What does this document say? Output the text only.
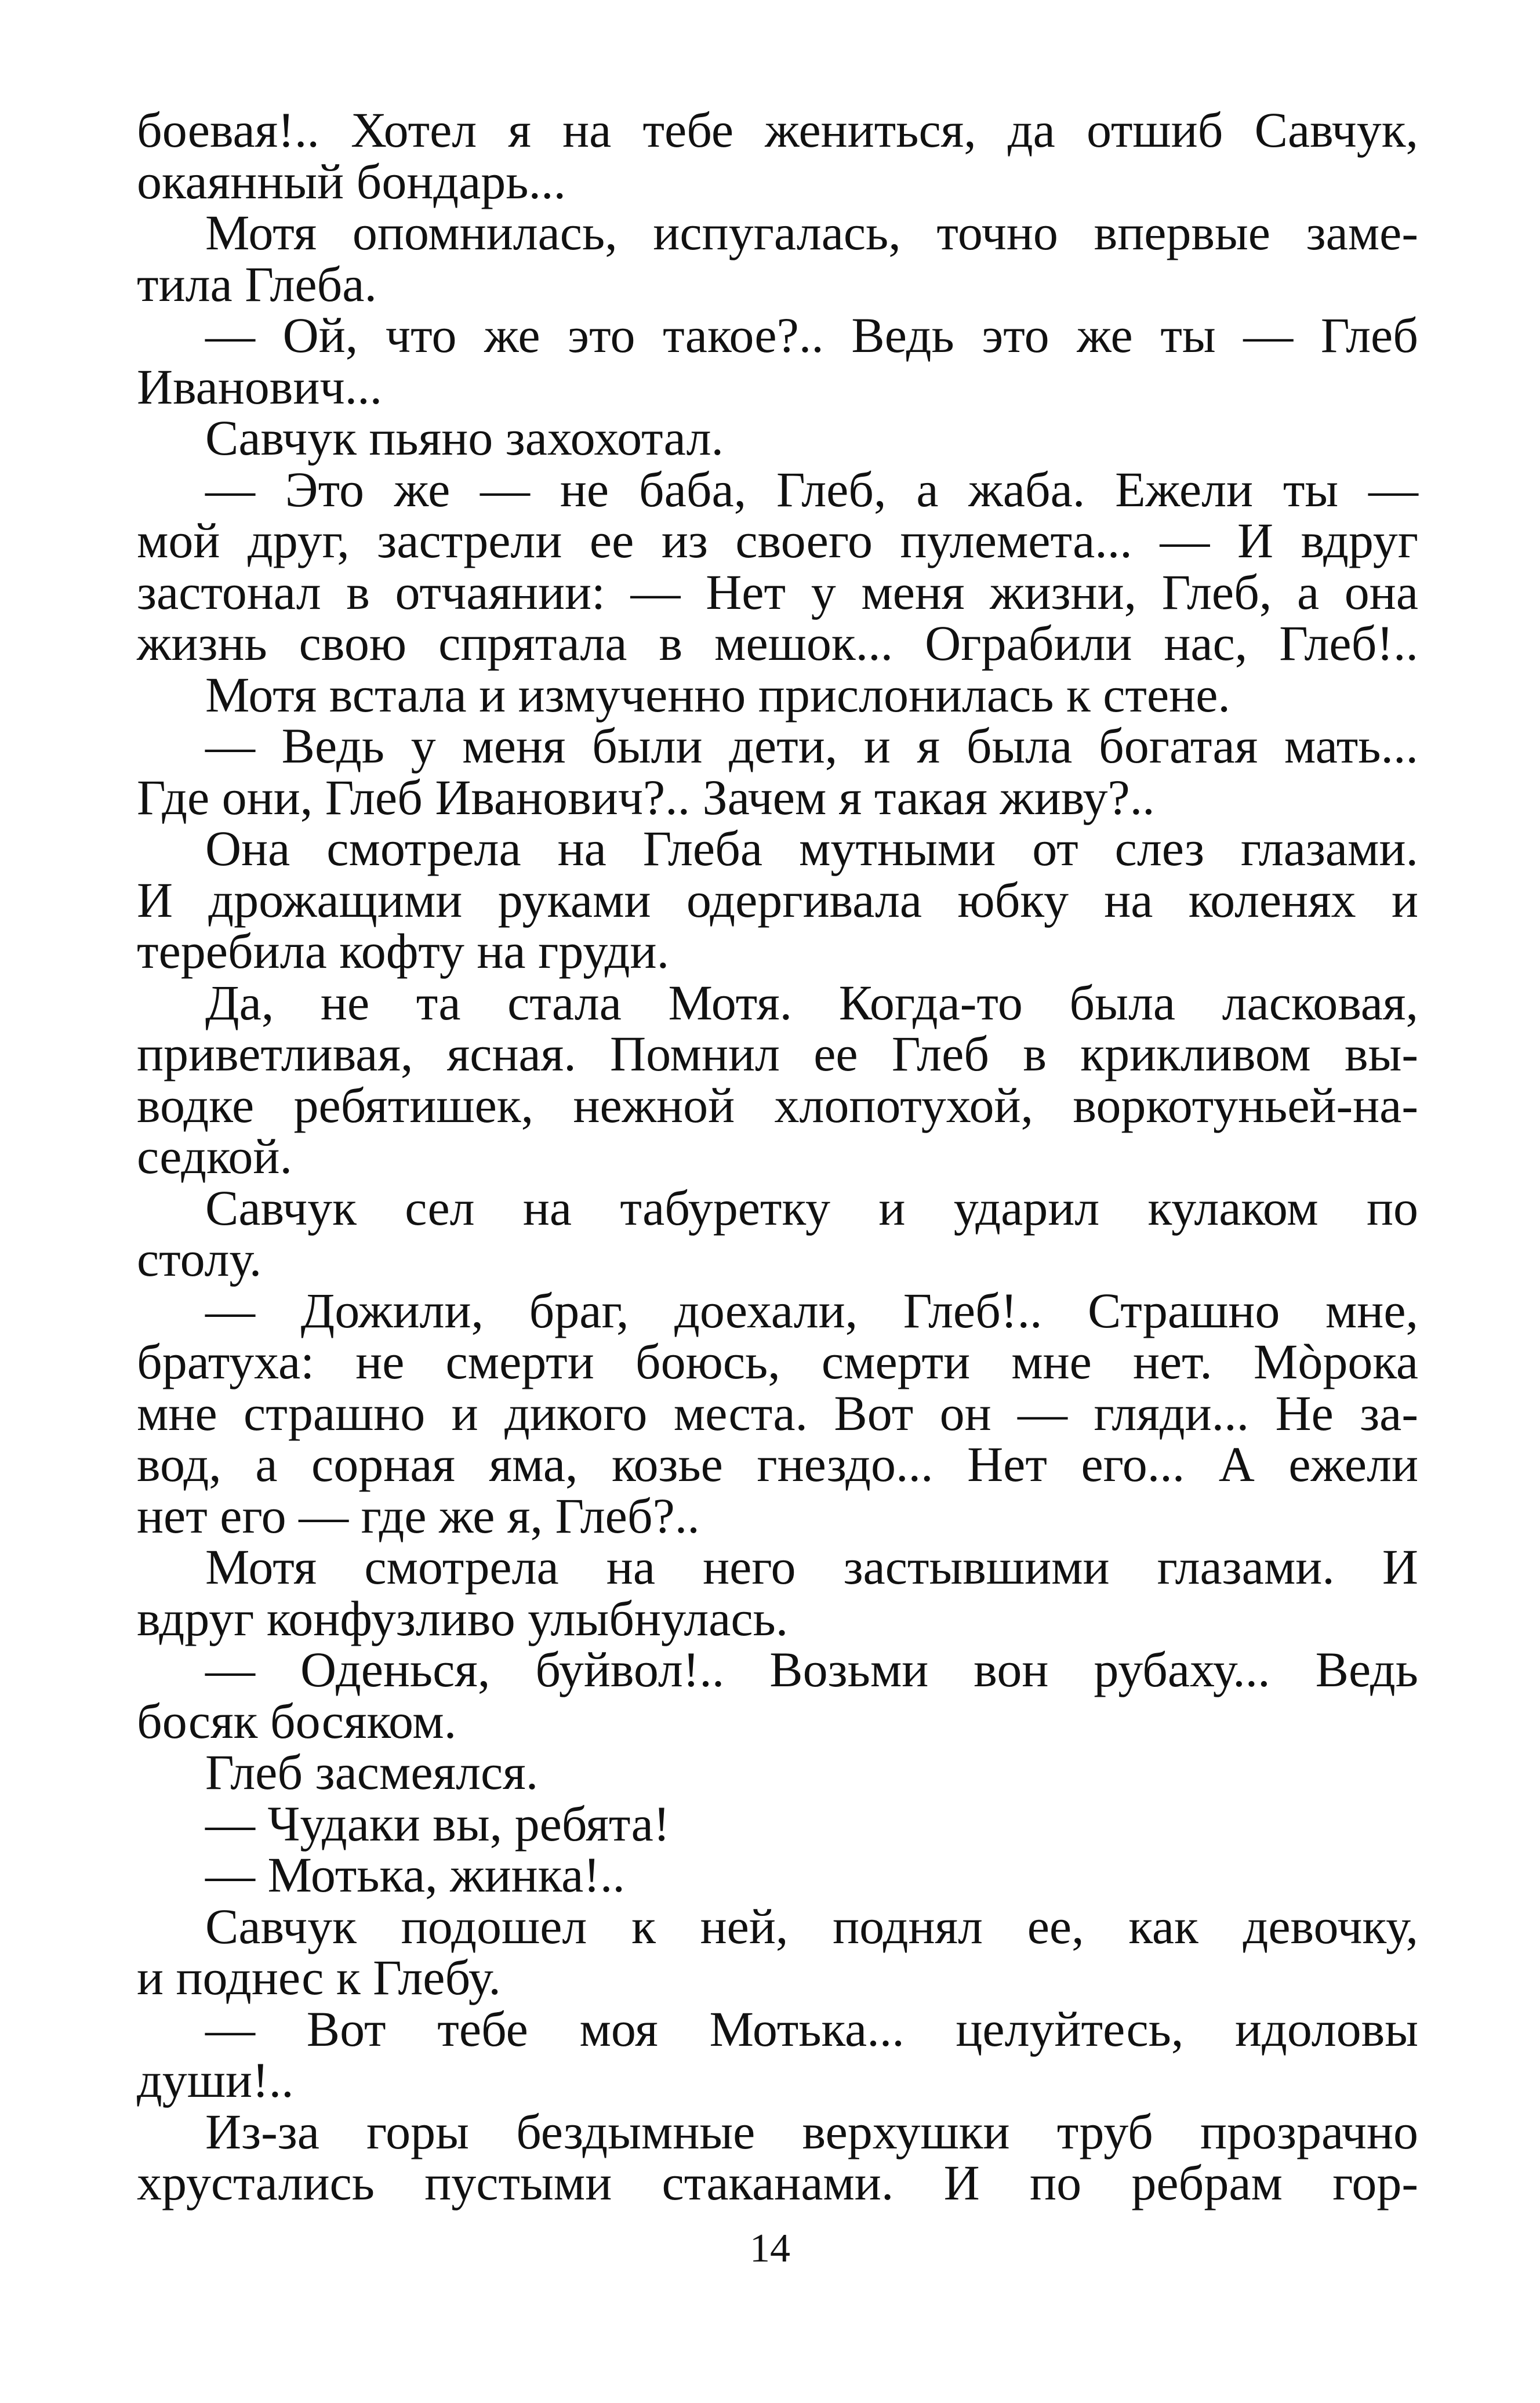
боевая!.. Хотел я на тебе жениться, да отшиб Савчук,
окаянный бондарь...
Мотя опомнилась, испугалась, точно впервые заме-
тила Глеба.
— Ой, что же это такое?.. Ведь это же ты — Глеб
Иванович...
Савчук пьяно захохотал.
— Это же — не баба, Глеб, а жаба. Ежели ты —
мой друг, застрели ее из своего пулемета... — И вдруг
застонал в отчаянии: — Нет у меня жизни, Глеб, а она
жизнь свою спрятала в мешок... Ограбили нас, Глеб!..
Мотя встала и измученно прислонилась к стене.
— Ведь у меня были дети, и я была богатая мать...
Где они, Глеб Иванович?.. Зачем я такая живу?..
Она смотрела на Глеба мутными от слез глазами.
И дрожащими руками одергивала юбку на коленях и
теребила кофту на груди.
Да, не та стала Мотя. Когда-то была ласковая,
приветливая, ясная. Помнил ее Глеб в крикливом вы-
водке ребятишек, нежной хлопотухой, воркотуньей-на-
седкой.
Савчук сел на табуретку и ударил кулаком по
столу.
— Дожили, браг, доехали, Глеб!.. Страшно мне,
братуха: не смерти боюсь, смерти мне нет. Мòрока
мне страшно и дикого места. Вот он — гляди... Не за-
вод, а сорная яма, козье гнездо... Нет его... А ежели
нет его — где же я, Глеб?..
Мотя смотрела на него застывшими глазами. И
вдруг конфузливо улыбнулась.
— Оденься, буйвол!.. Возьми вон рубаху... Ведь
босяк босяком.
Глеб засмеялся.
— Чудаки вы, ребята!
— Мотька, жинка!..
Савчук подошел к ней, поднял ее, как девочку,
и поднес к Глебу.
— Вот тебе моя Мотька... целуйтесь, идоловы
души!..
Из-за горы бездымные верхушки труб прозрачно
хрустались пустыми стаканами. И по ребрам гор-
14
